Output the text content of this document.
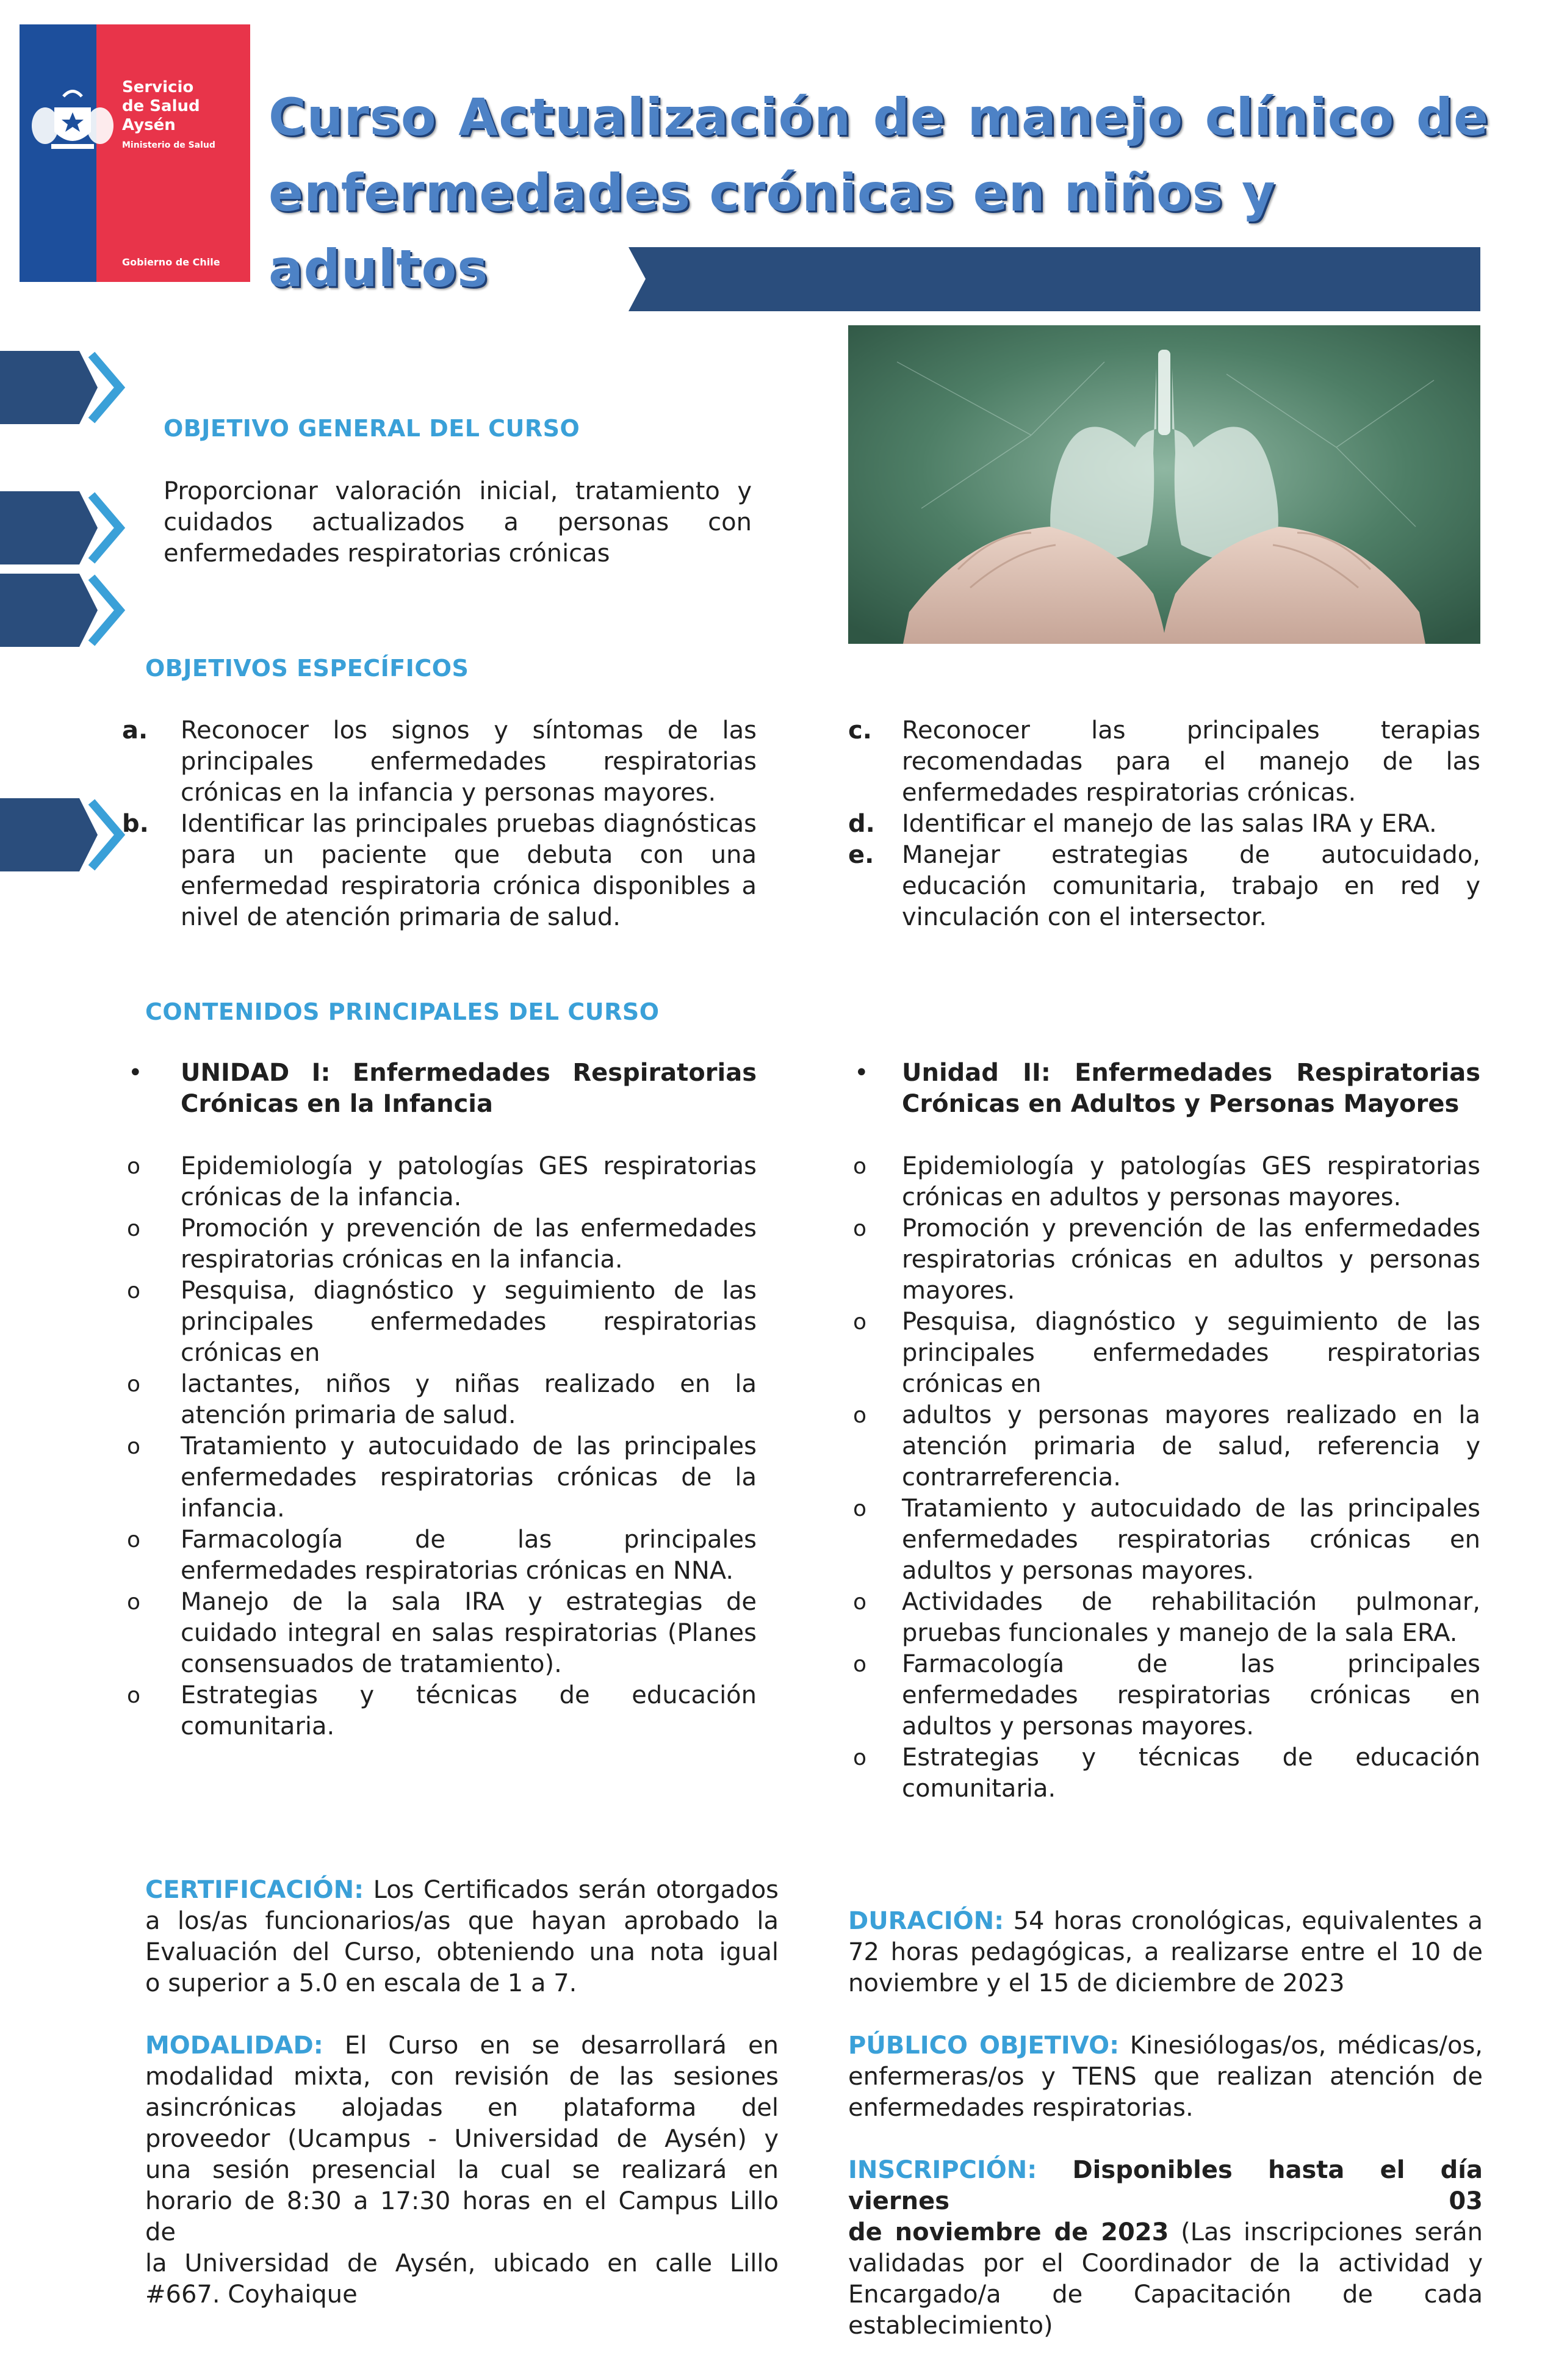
Servicio
de Salud
Aysén
Ministerio de Salud
Gobierno de Chile
Curso Actualización de manejo clínico de
enfermedades crónicas en niños y adultos
OBJETIVO GENERAL DEL CURSO
Proporcionar valoración inicial, tratamiento y
cuidados actualizados a personas con
enfermedades respiratorias crónicas
OBJETIVOS ESPECÍFICOS
a. Reconocer los signos y síntomas de las
principales enfermedades respiratorias
crónicas en la infancia y personas mayores.
b. Identificar las principales pruebas diagnósticas
para un paciente que debuta con una
enfermedad respiratoria crónica disponibles a
nivel de atención primaria de salud.
c. Reconocer las principales terapias
recomendadas para el manejo de las
enfermedades respiratorias crónicas.
d. Identificar el manejo de las salas IRA y ERA.
e. Manejar estrategias de autocuidado,
educación comunitaria, trabajo en red y
vinculación con el intersector.
CONTENIDOS PRINCIPALES DEL CURSO
• UNIDAD I: Enfermedades Respiratorias
Crónicas en la Infancia
o Epidemiología y patologías GES respiratorias
crónicas de la infancia.
o Promoción y prevención de las enfermedades
respiratorias crónicas en la infancia.
o Pesquisa, diagnóstico y seguimiento de las
principales enfermedades respiratorias
crónicas en
o lactantes, niños y niñas realizado en la
atención primaria de salud.
o Tratamiento y autocuidado de las principales
enfermedades respiratorias crónicas de la
infancia.
o Farmacología de las principales
enfermedades respiratorias crónicas en NNA.
o Manejo de la sala IRA y estrategias de
cuidado integral en salas respiratorias (Planes
consensuados de tratamiento).
o Estrategias y técnicas de educación
comunitaria.
• Unidad II: Enfermedades Respiratorias
Crónicas en Adultos y Personas Mayores
o Epidemiología y patologías GES respiratorias
crónicas en adultos y personas mayores.
o Promoción y prevención de las enfermedades
respiratorias crónicas en adultos y personas
mayores.
o Pesquisa, diagnóstico y seguimiento de las
principales enfermedades respiratorias
crónicas en
o adultos y personas mayores realizado en la
atención primaria de salud, referencia y
contrarreferencia.
o Tratamiento y autocuidado de las principales
enfermedades respiratorias crónicas en
adultos y personas mayores.
o Actividades de rehabilitación pulmonar,
pruebas funcionales y manejo de la sala ERA.
o Farmacología de las principales
enfermedades respiratorias crónicas en
adultos y personas mayores.
o Estrategias y técnicas de educación
comunitaria.
CERTIFICACIÓN: Los Certificados serán otorgados
a los/as funcionarios/as que hayan aprobado la
Evaluación del Curso, obteniendo una nota igual
o superior a 5.0 en escala de 1 a 7.
MODALIDAD: El Curso en se desarrollará en
modalidad mixta, con revisión de las sesiones
asincrónicas alojadas en plataforma del
proveedor (Ucampus - Universidad de Aysén) y
una sesión presencial la cual se realizará en
horario de 8:30 a 17:30 horas en el Campus Lillo de
la Universidad de Aysén, ubicado en calle Lillo
#667. Coyhaique
DURACIÓN: 54 horas cronológicas, equivalentes a
72 horas pedagógicas, a realizarse entre el 10 de
noviembre y el 15 de diciembre de 2023
PÚBLICO OBJETIVO: Kinesiólogas/os, médicas/os,
enfermeras/os y TENS que realizan atención de
enfermedades respiratorias.
INSCRIPCIÓN: Disponibles hasta el día viernes 03
de noviembre de 2023 (Las inscripciones serán
validadas por el Coordinador de la actividad y
Encargado/a de Capacitación de cada
establecimiento)
